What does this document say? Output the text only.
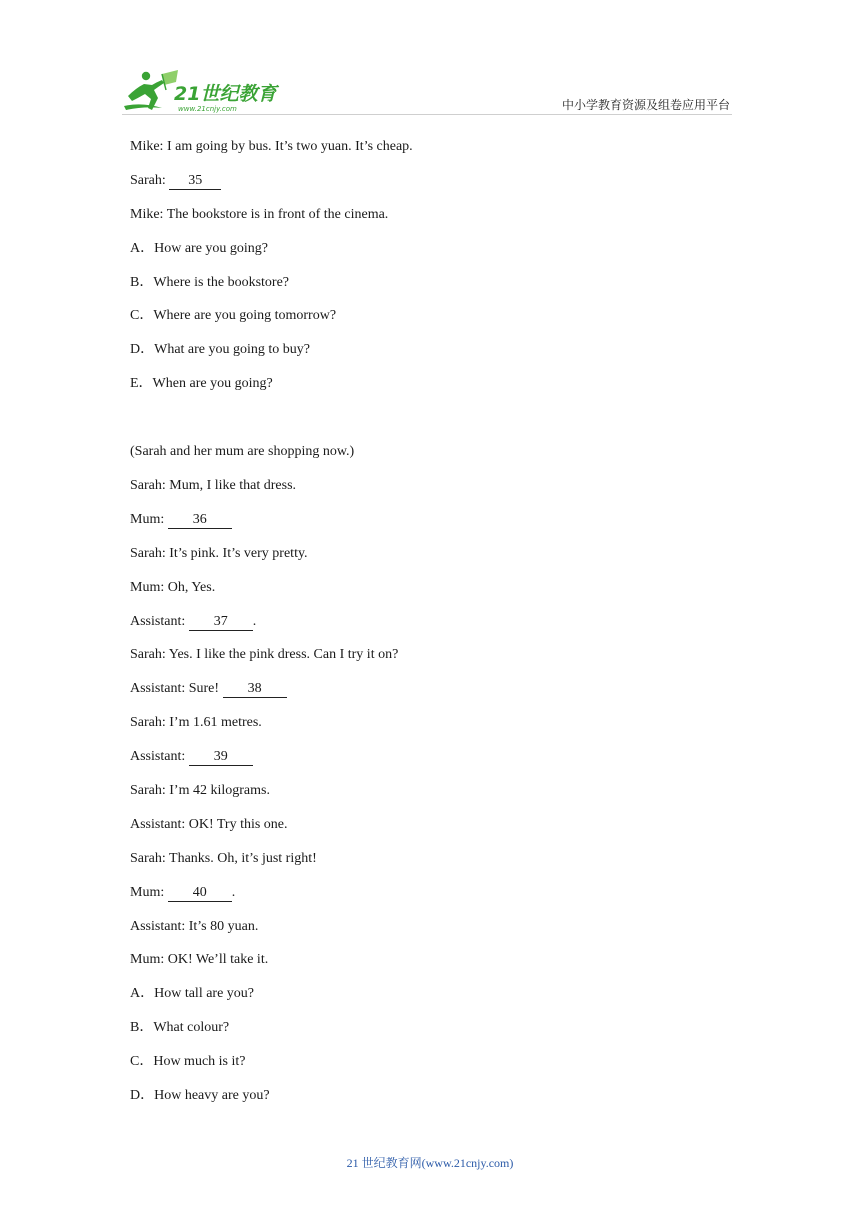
21世纪教育
www.21cnjy.com	中小学教育资源及组卷应用平台
Mike: I am going by bus. It’s two yuan. It’s cheap.
Sarah: 35
Mike: The bookstore is in front of the cinema.
A．How are you going?
B．Where is the bookstore?
C．Where are you going tomorrow?
D．What are you going to buy?
E．When are you going?
(Sarah and her mum are shopping now.)
Sarah: Mum, I like that dress.
Mum: 36
Sarah: It’s pink. It’s very pretty.
Mum: Oh, Yes.
Assistant: 37 .
Sarah: Yes. I like the pink dress. Can I try it on?
Assistant: Sure! 38
Sarah: I’m 1.61 metres.
Assistant: 39
Sarah: I’m 42 kilograms.
Assistant: OK! Try this one.
Sarah: Thanks. Oh, it’s just right!
Mum: 40 .
Assistant: It’s 80 yuan.
Mum: OK! We’ll take it.
A．How tall are you?
B．What colour?
C．How much is it?
D．How heavy are you?
21 世纪教育网(www.21cnjy.com)
